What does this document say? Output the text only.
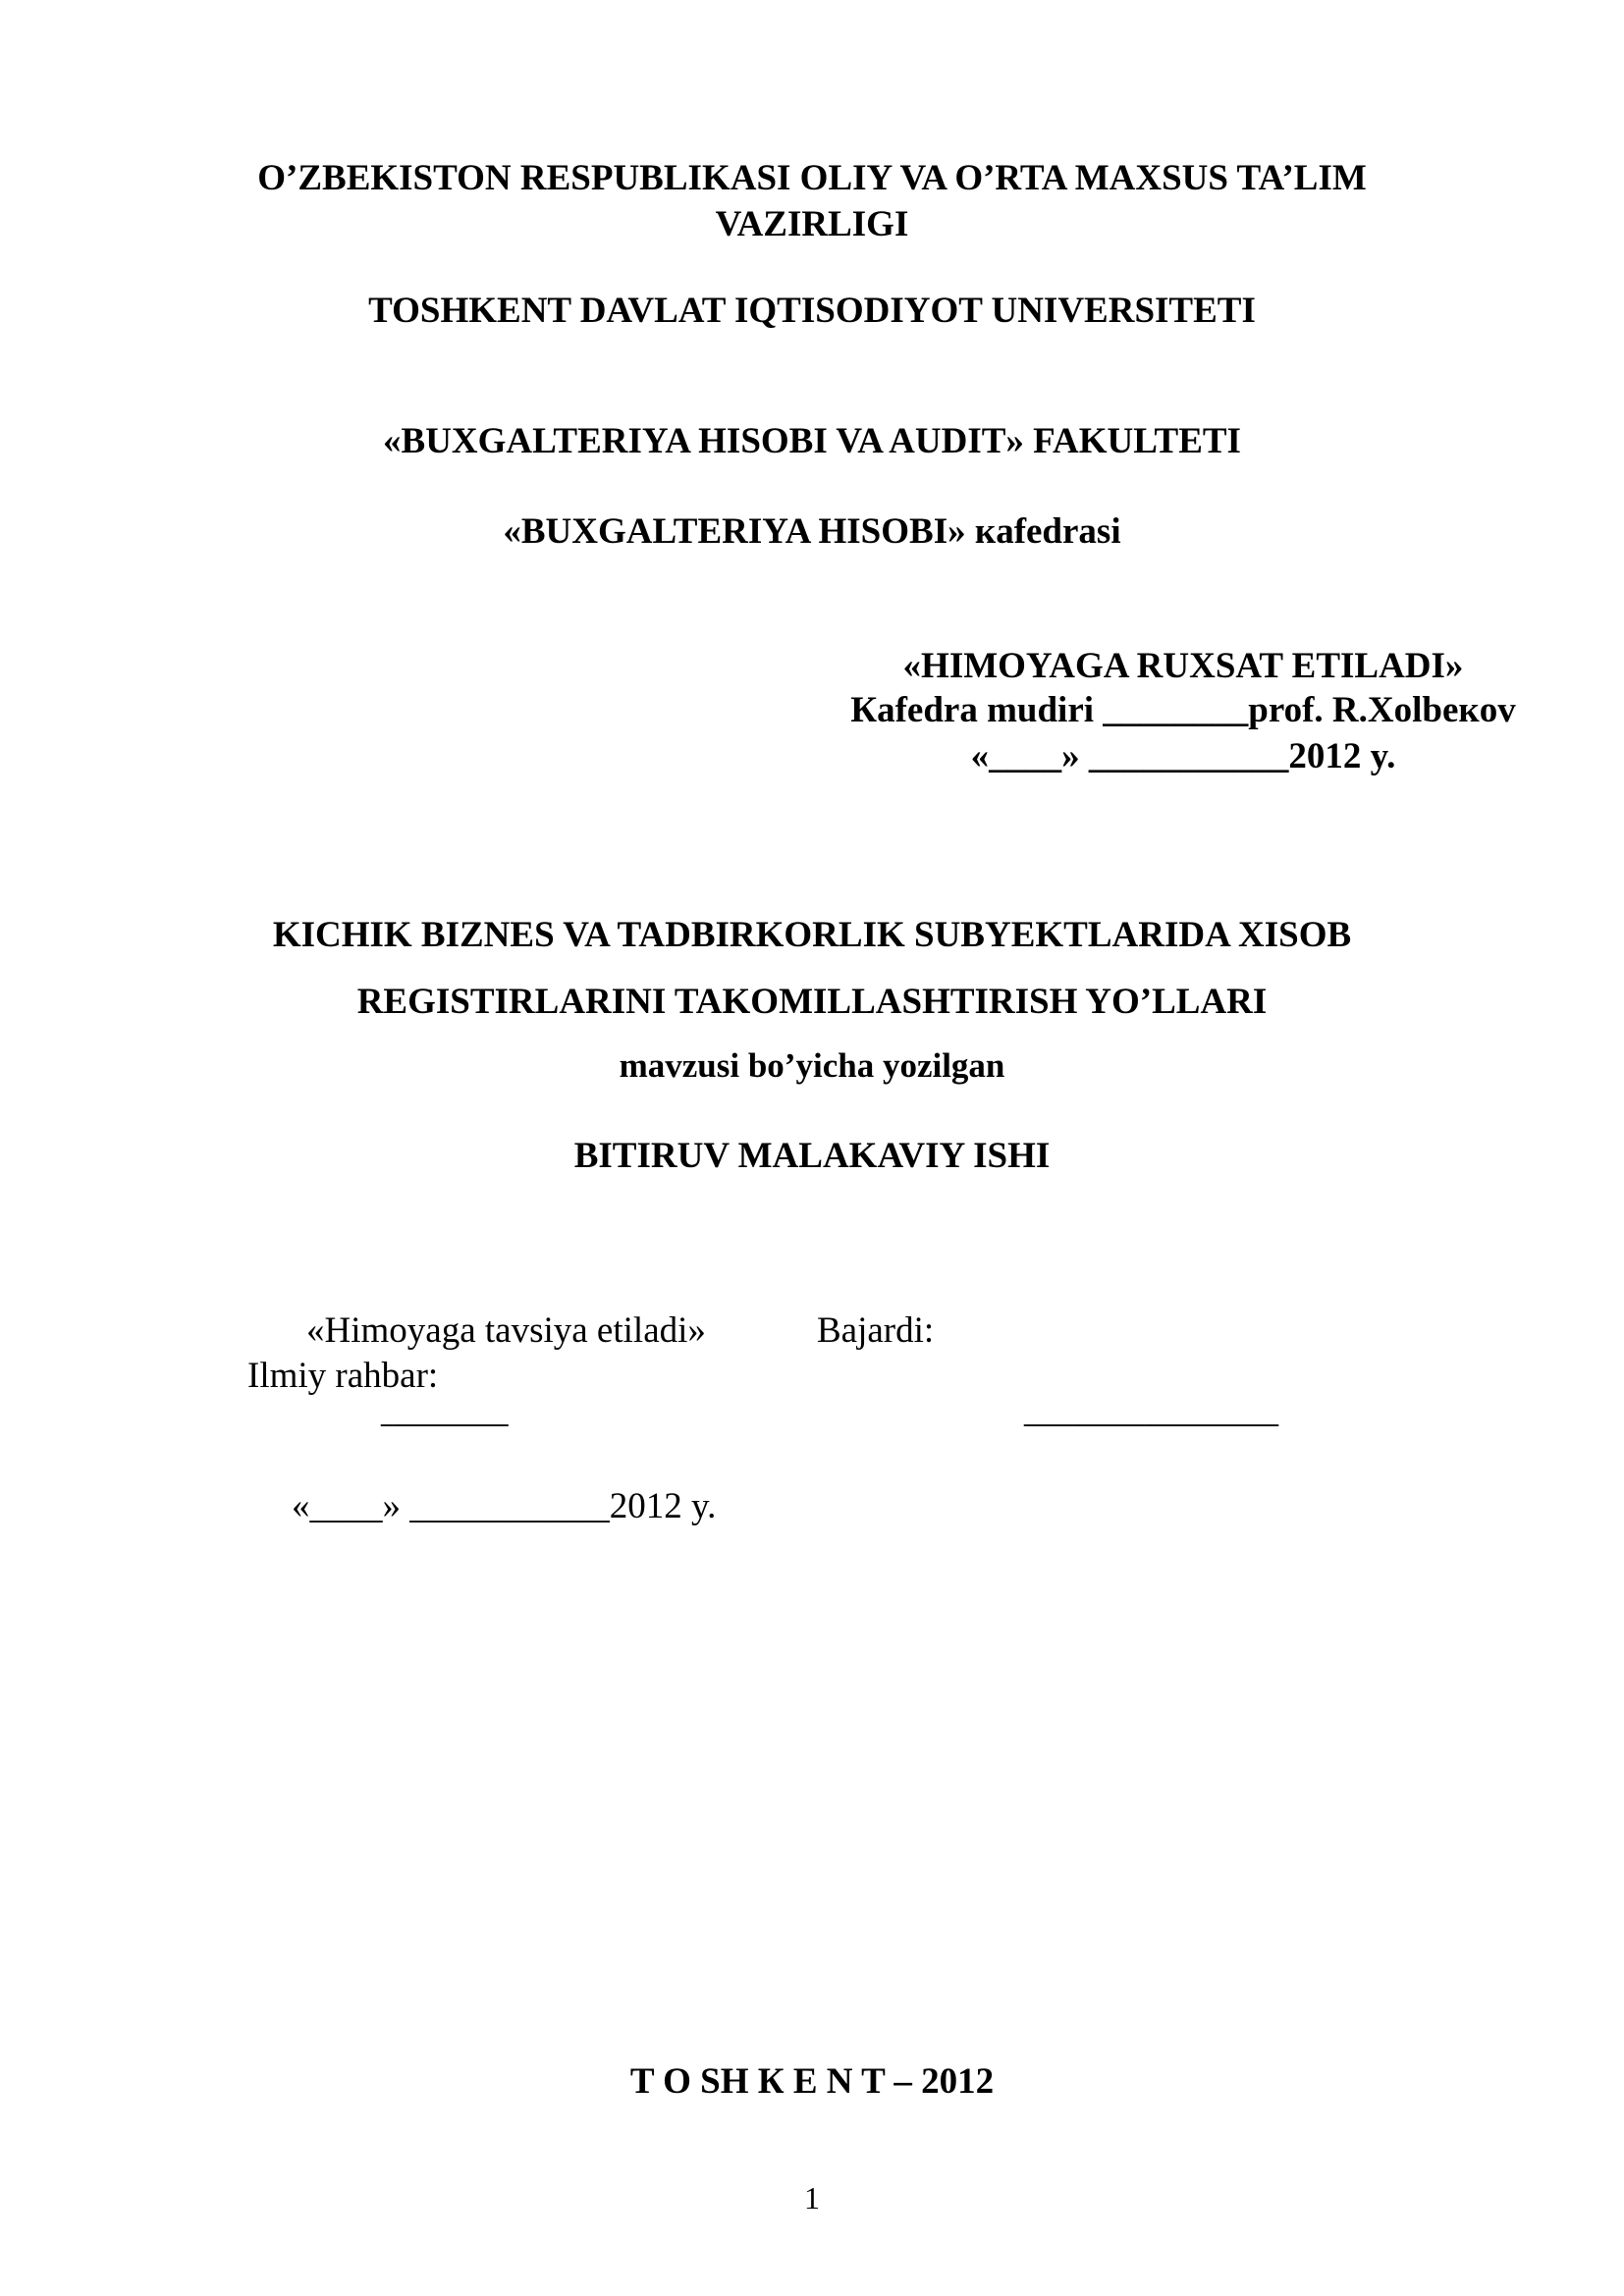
O’ZBEKISTON RESPUBLIKASI OLIY VA O’RTA MAXSUS TA’LIM
VAZIRLIGI
TOSHKENT DAVLAT IQTISODIYOT UNIVERSITETI
«BUXGALTERIYA HISOBI VA AUDIT» FAKULTETI
«BUXGALTERIYA HISOBI» кafedrasi
«HIMOYAGA RUXSAT ETILADI»
Кafedra mudiri ________prof. R.Xolbeкov
«____» ___________2012 y.
KICHIK BIZNES VA TADBIRKORLIK SUBYEKTLARIDA XISOB
REGISTIRLARINI TAKOMILLASHTIRISH YO’LLARI
mavzusi bo’yicha yozilgan
BITIRUV MALAKAVIY ISHI
«Himoyaga tavsiya etiladi»	Bajardi:
Ilmiy rahbar:
_______	______________
«____» ___________2012 y.
T O SH К E N T – 2012
1
